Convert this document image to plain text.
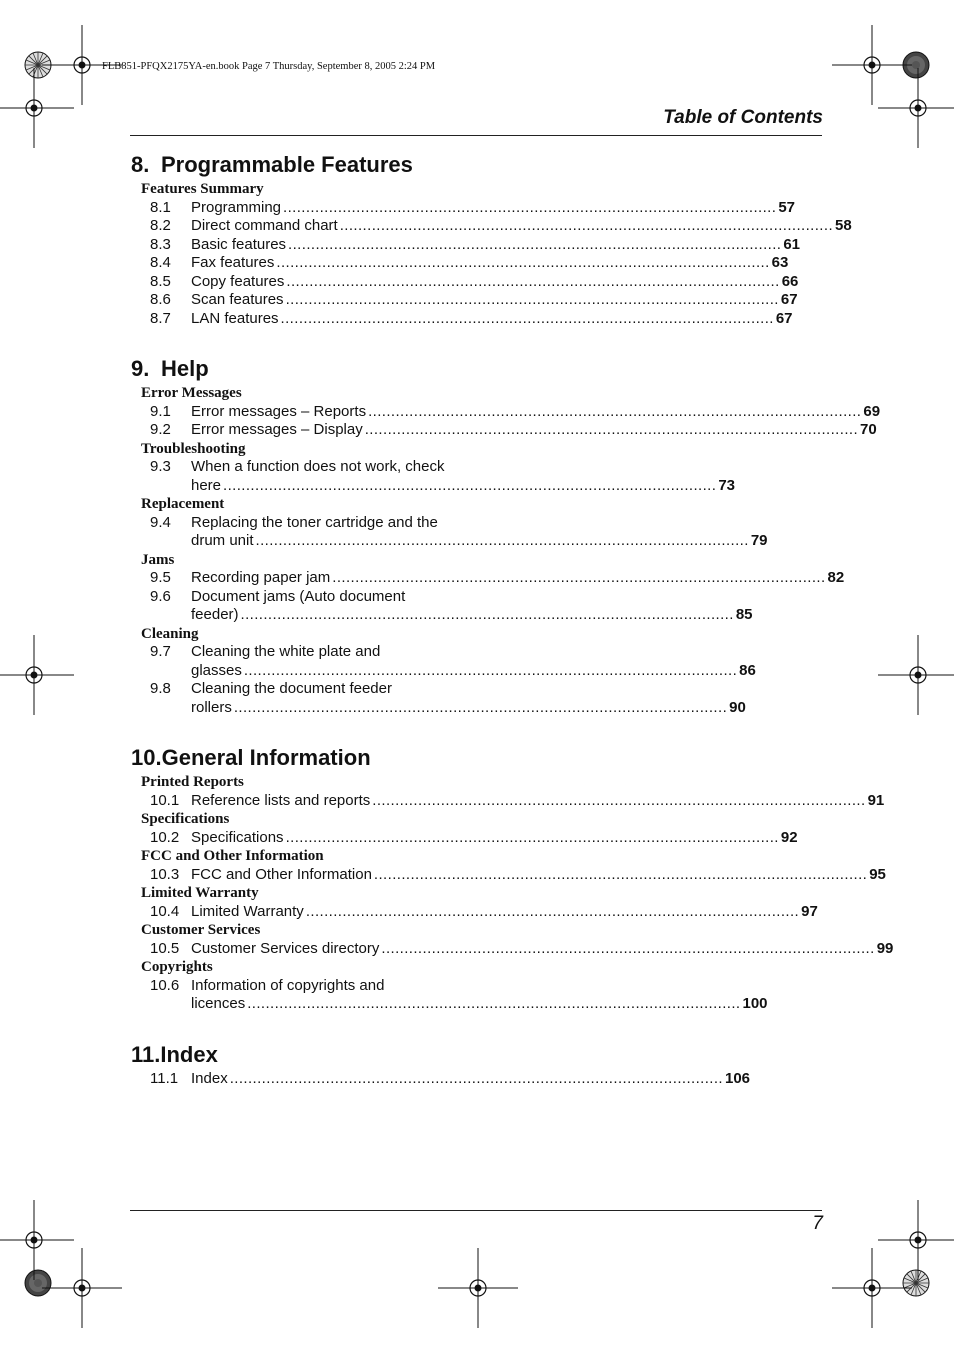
FLB851-PFQX2175YA-en.book Page 7 Thursday, September 8, 2005 2:24 PM
Table of Contents
8. Programmable Features
Features Summary
8.1 Programming ............................................................................................................ 57
8.2 Direct command chart ............................................................................................................ 58
8.3 Basic features ............................................................................................................ 61
8.4 Fax features ............................................................................................................ 63
8.5 Copy features ............................................................................................................ 66
8.6 Scan features ............................................................................................................ 67
8.7 LAN features ............................................................................................................ 67
9. Help
Error Messages
9.1 Error messages – Reports ............................................................................................................ 69
9.2 Error messages – Display ............................................................................................................ 70
Troubleshooting
9.3	When a function does not work, check
here ............................................................................................................ 73
Replacement
9.4	Replacing the toner cartridge and the
drum unit ............................................................................................................ 79
Jams
9.5 Recording paper jam ............................................................................................................ 82
9.6	Document jams (Auto document
feeder) ............................................................................................................ 85
Cleaning
9.7	Cleaning the white plate and
glasses ............................................................................................................ 86
9.8	Cleaning the document feeder
rollers ............................................................................................................ 90
10.General Information
Printed Reports
10.1 Reference lists and reports ............................................................................................................ 91
Specifications
10.2 Specifications ............................................................................................................ 92
FCC and Other Information
10.3 FCC and Other Information ............................................................................................................ 95
Limited Warranty
10.4 Limited Warranty ............................................................................................................ 97
Customer Services
10.5 Customer Services directory ............................................................................................................ 99
Copyrights
10.6 Information of copyrights and
licences ............................................................................................................ 100
11.Index
11.1 Index ............................................................................................................ 106
7
